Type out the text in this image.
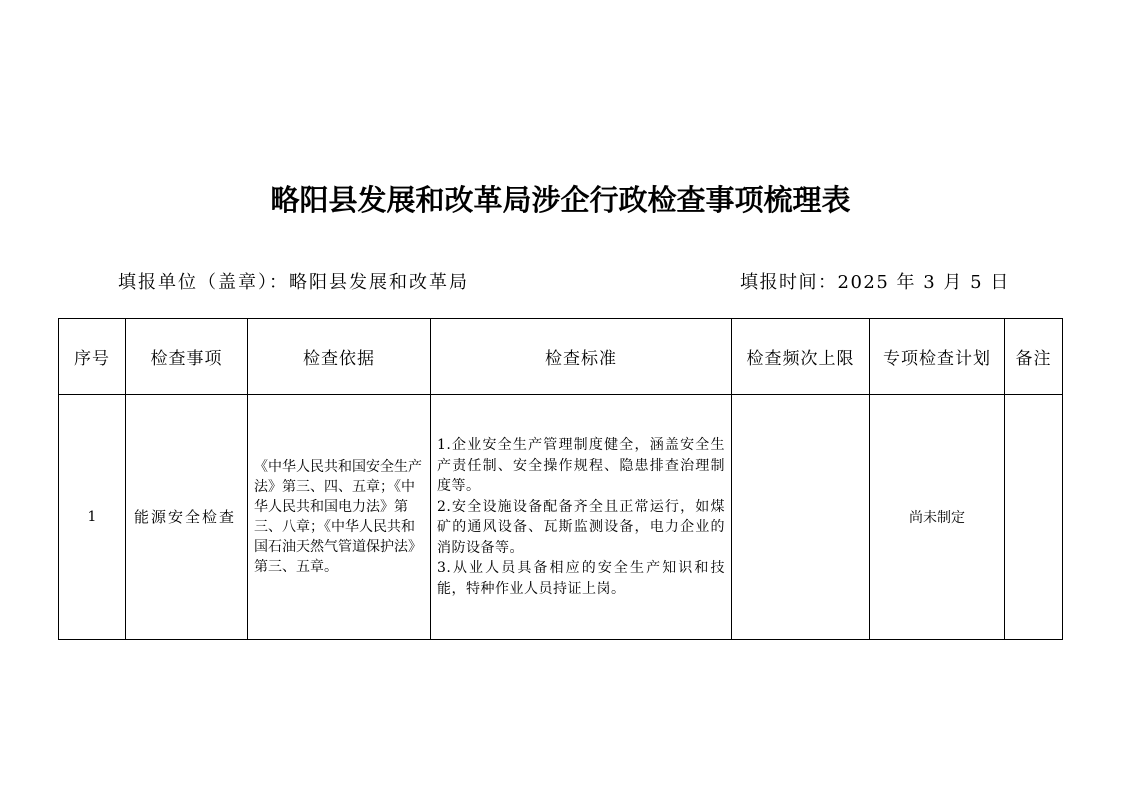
略阳县发展和改革局涉企行政检查事项梳理表
填报单位（盖章）：略阳县发展和改革局	填报时间：2025 年 3 月 5 日
序号	检查事项	检查依据	检查标准	检查频次上限	专项检查计划	备注
1	能源安全检查	《中华人民共和国安全生产法》第三、四、五章；《中华人民共和国电力法》第三、八章；《中华人民共和国石油天然气管道保护法》第三、五章。	1.企业安全生产管理制度健全，涵盖安全生产责任制、安全操作规程、隐患排查治理制度等。
2.安全设施设备配备齐全且正常运行，如煤矿的通风设备、瓦斯监测设备，电力企业的消防设备等。
3.从业人员具备相应的安全生产知识和技能，特种作业人员持证上岗。		尚未制定	
